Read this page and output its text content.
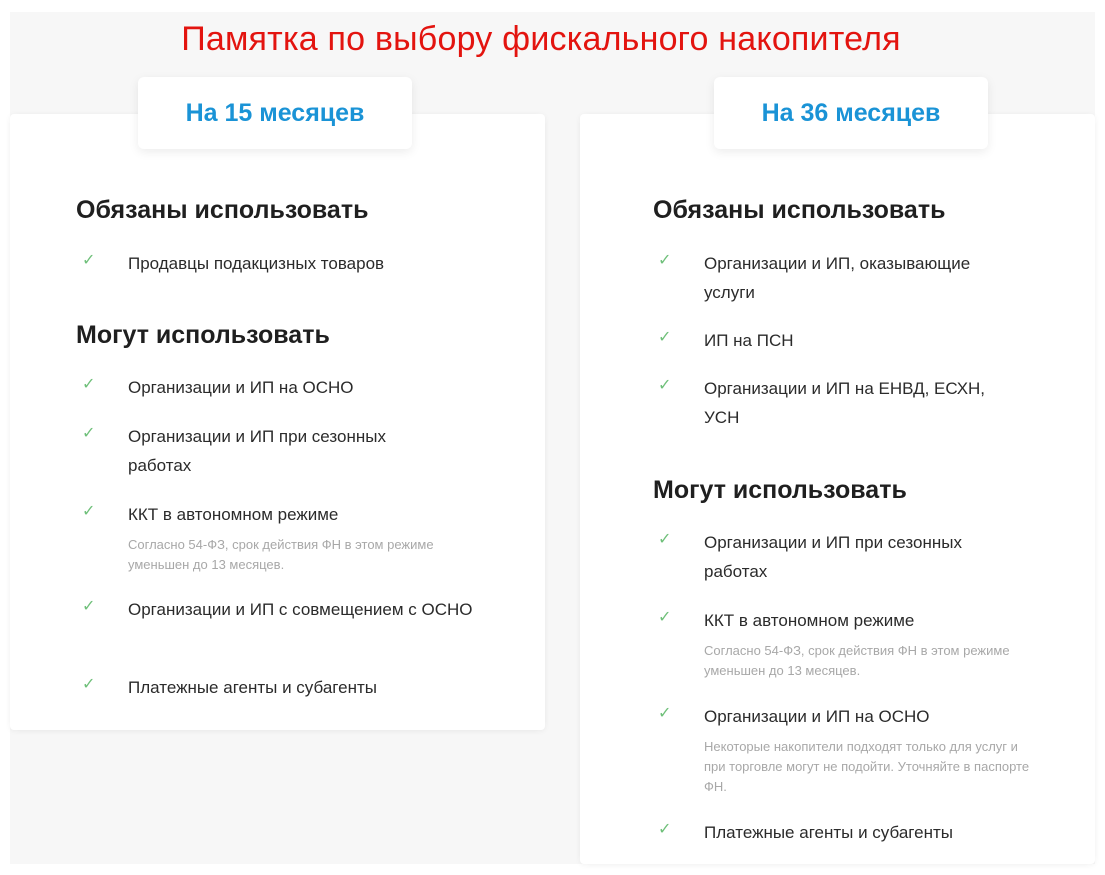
Памятка по выбору фискального накопителя
На 15 месяцев
Обязаны использовать
✓	Продавцы подакцизных товаров
Могут использовать
✓	Организации и ИП на ОСНО
✓	Организации и ИП при сезонных работах
✓	ККТ в автономном режиме
Согласно 54-ФЗ, срок действия ФН в этом режиме уменьшен до 13 месяцев.
✓	Организации и ИП с совмещением с ОСНО
✓	Платежные агенты и субагенты
На 36 месяцев
Обязаны использовать
✓	Организации и ИП, оказывающие услуги
✓	ИП на ПСН
✓	Организации и ИП на ЕНВД, ЕСХН, УСН
Могут использовать
✓	Организации и ИП при сезонных работах
✓	ККТ в автономном режиме
Согласно 54-ФЗ, срок действия ФН в этом режиме уменьшен до 13 месяцев.
✓	Организации и ИП на ОСНО
Некоторые накопители подходят только для услуг и при торговле могут не подойти. Уточняйте в паспорте ФН.
✓	Платежные агенты и субагенты
